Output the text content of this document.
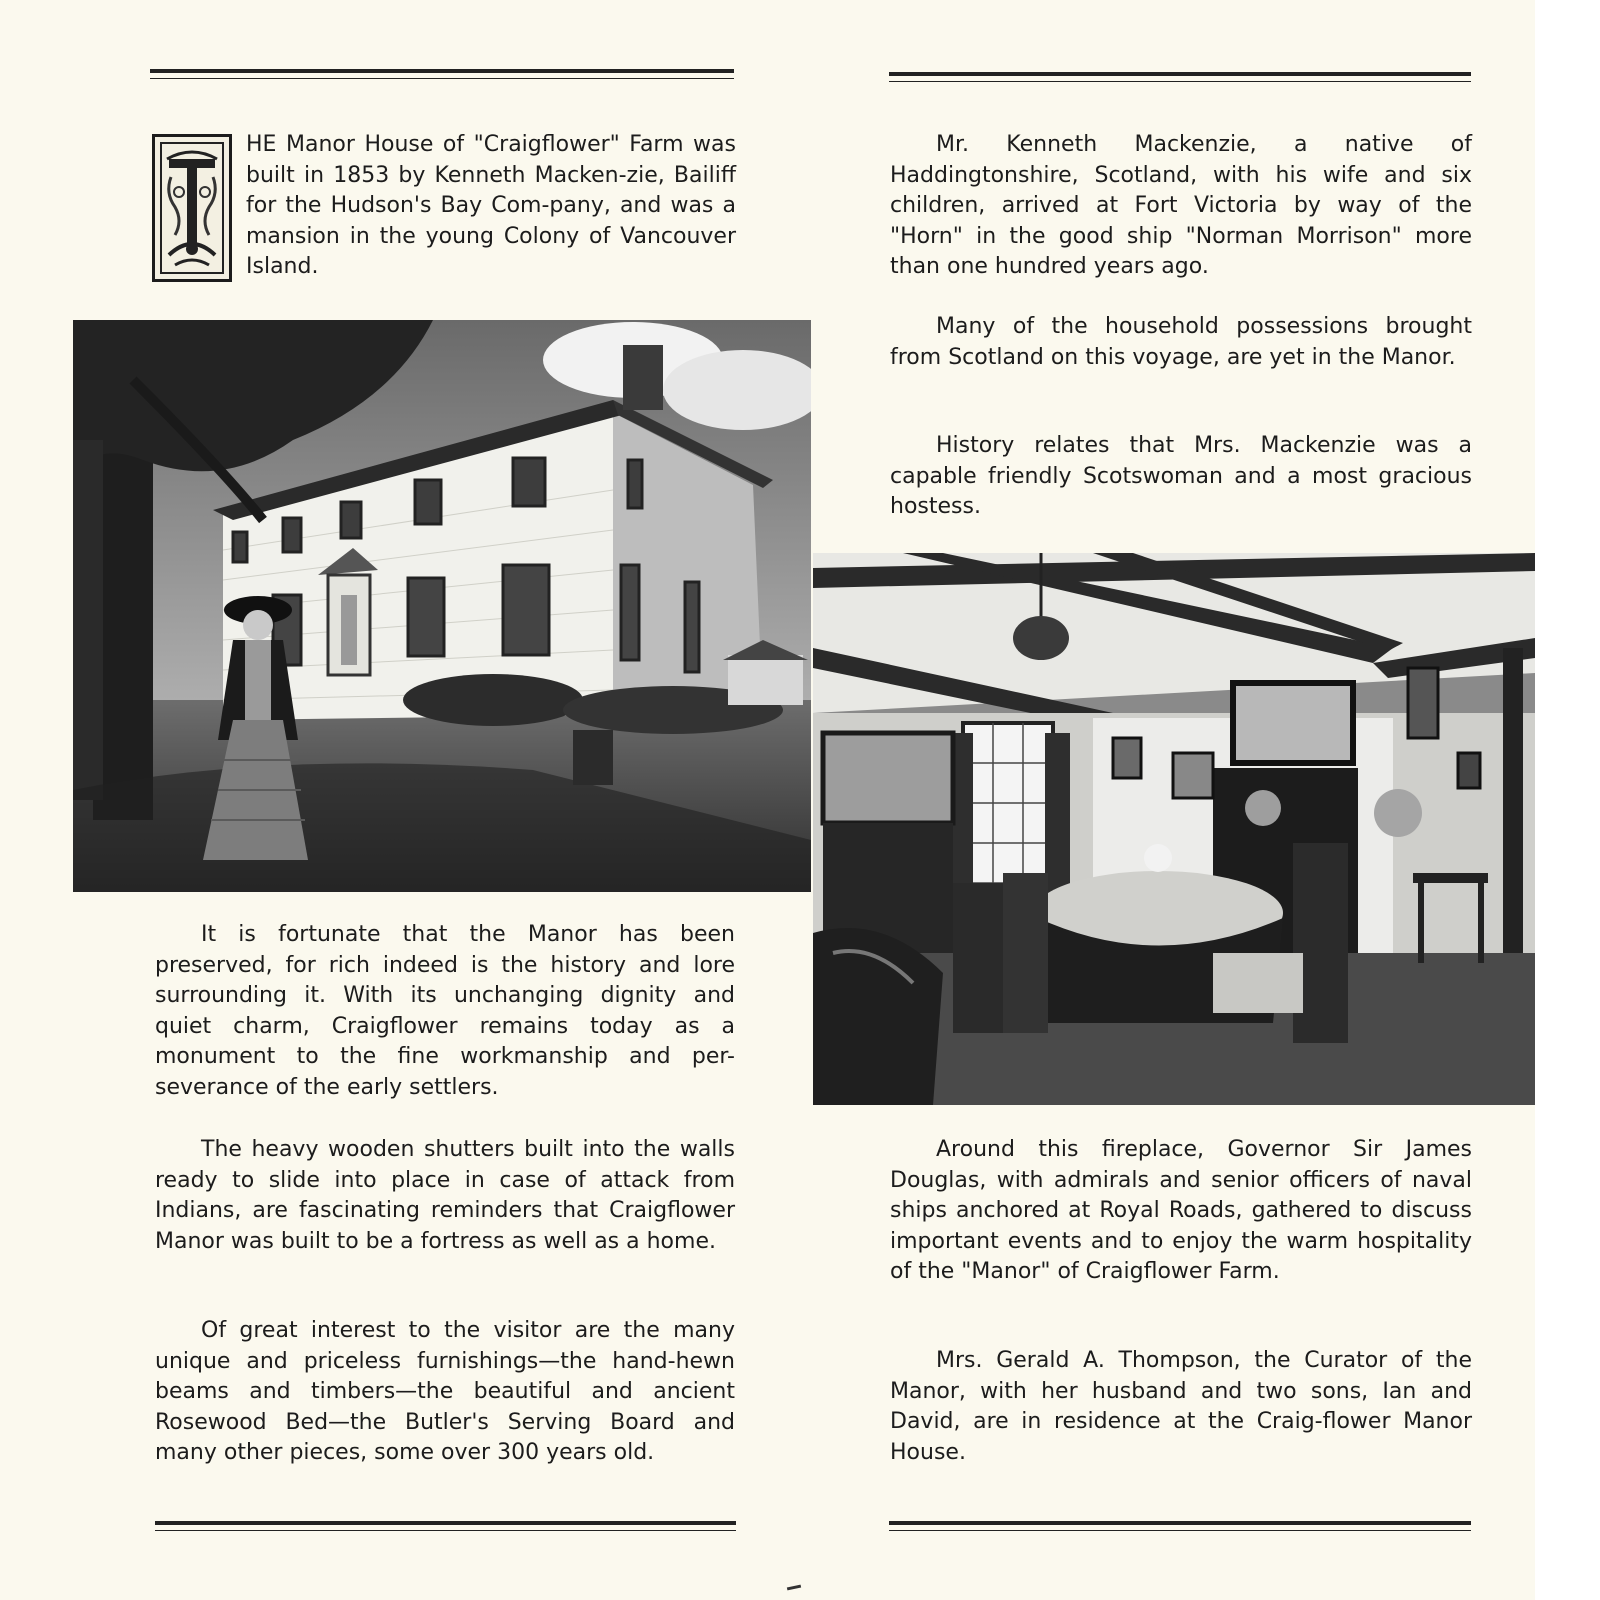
HE Manor House of "Craigflower" Farm was built in 1853 by Kenneth Macken-zie, Bailiff for the Hudson's Bay Com-pany, and was a mansion in the young Colony of Vancouver Island.

Mr. Kenneth Mackenzie, a native of Haddingtonshire, Scotland, with his wife and six children, arrived at Fort Victoria by way of the "Horn" in the good ship "Norman Morrison" more than one hundred years ago.

Many of the household possessions brought from Scotland on this voyage, are yet in the Manor.

History relates that Mrs. Mackenzie was a capable friendly Scotswoman and a most gracious hostess.

Around this fireplace, Governor Sir James Douglas, with admirals and senior officers of naval ships anchored at Royal Roads, gathered to discuss important events and to enjoy the warm hospitality of the "Manor" of Craigflower Farm.

Mrs. Gerald A. Thompson, the Curator of the Manor, with her husband and two sons, Ian and David, are in residence at the Craig-flower Manor House.

It is fortunate that the Manor has been preserved, for rich indeed is the history and lore surrounding it. With its unchanging dignity and quiet charm, Craigflower remains today as a monument to the fine workmanship and per-severance of the early settlers.

The heavy wooden shutters built into the walls ready to slide into place in case of attack from Indians, are fascinating reminders that Craigflower Manor was built to be a fortress as well as a home.

Of great interest to the visitor are the many unique and priceless furnishings—the hand-hewn beams and timbers—the beautiful and ancient Rosewood Bed—the Butler's Serving Board and many other pieces, some over 300 years old.
